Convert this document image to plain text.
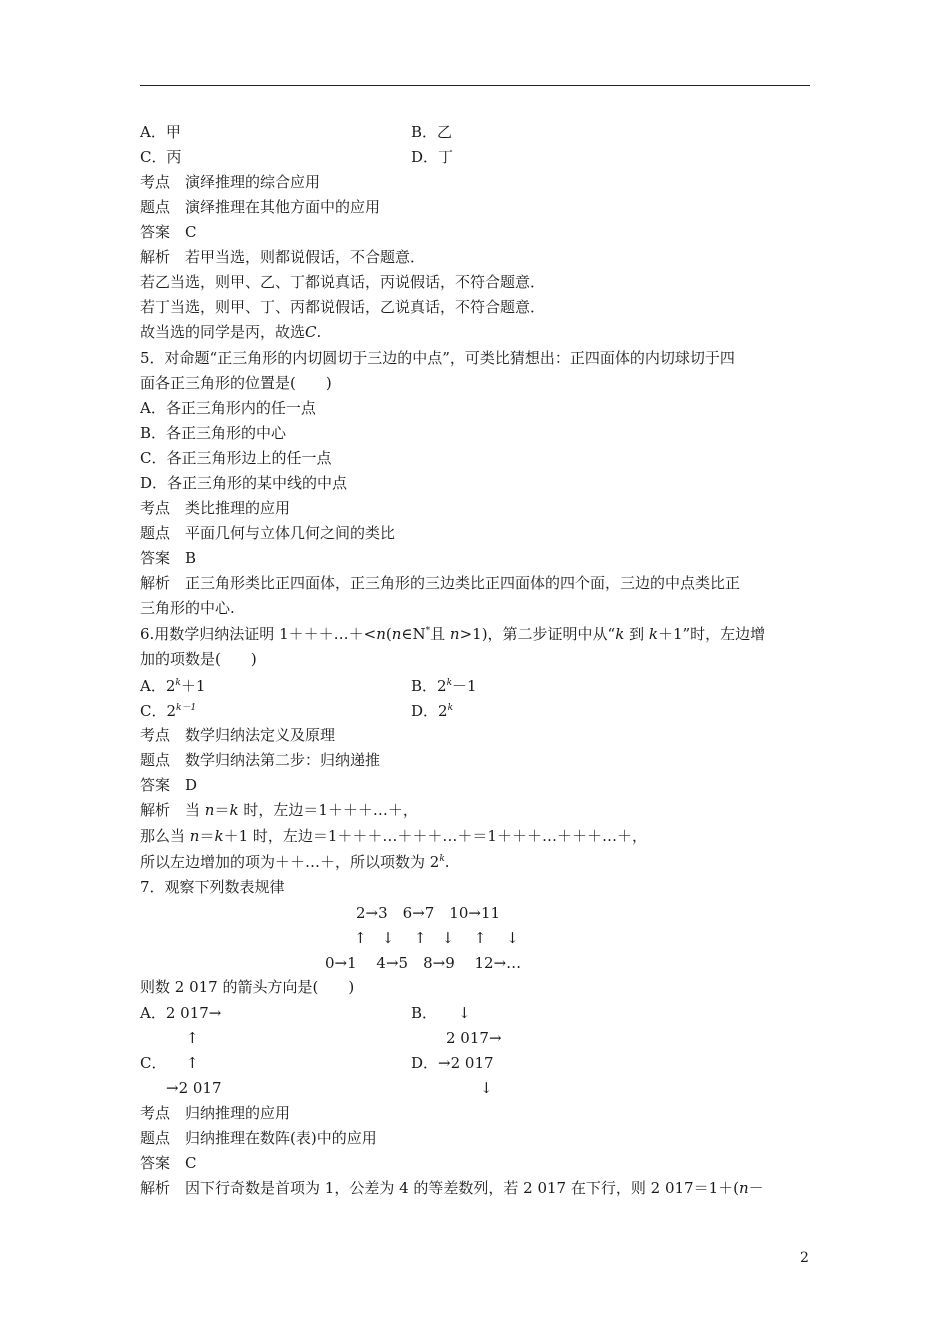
A．甲	B．乙
C．丙	D．丁
考点　演绎推理的综合应用
题点　演绎推理在其他方面中的应用
答案　C
解析　若甲当选，则都说假话，不合题意．
若乙当选，则甲、乙、丁都说真话，丙说假话，不符合题意．
若丁当选，则甲、丁、丙都说假话，乙说真话，不符合题意．
故当选的同学是丙，故选C.
5．对命题“正三角形的内切圆切于三边的中点”，可类比猜想出：正四面体的内切球切于四
面各正三角形的位置是(　　)
A．各正三角形内的任一点
B．各正三角形的中心
C．各正三角形边上的任一点
D．各正三角形的某中线的中点
考点　类比推理的应用
题点　平面几何与立体几何之间的类比
答案　B
解析　正三角形类比正四面体，正三角形的三边类比正四面体的四个面，三边的中点类比正
三角形的中心.
6.用数学归纳法证明 1＋＋＋…＋<n(n∈N*且 n>1)，第二步证明中从“k 到 k＋1”时，左边增
加的项数是(　　)
A．$2^k+1$	B．$2^k-1$
C．$2^{k-1}$	D．2$^k$
考点　数学归纳法定义及原理
题点　数学归纳法第二步：归纳递推
答案　D
解析　当 n＝k 时，左边＝1＋＋＋…＋，
那么当 n＝k＋1 时，左边＝1＋＋＋…＋＋＋…＋＝1＋＋＋…＋＋＋…＋，
所以左边增加的项为＋＋…＋，所以项数为 2$^k$.
7．观察下列数表规律
2→3　6→7　10→11
↑　↓　 ↑　↓　 ↑　 ↓
0→1　 4→5　8→9　 12→…
则数 2 017 的箭头方向是(　　)
A．2 017→
↑
B． ↓
2 017→
C． ↑
→2 017
D．→2 017
↓
考点　归纳推理的应用
题点　归纳推理在数阵(表)中的应用
答案　C
解析　因下行奇数是首项为 1，公差为 4 的等差数列，若 2 017 在下行，则 2 017＝1＋(n－
2
